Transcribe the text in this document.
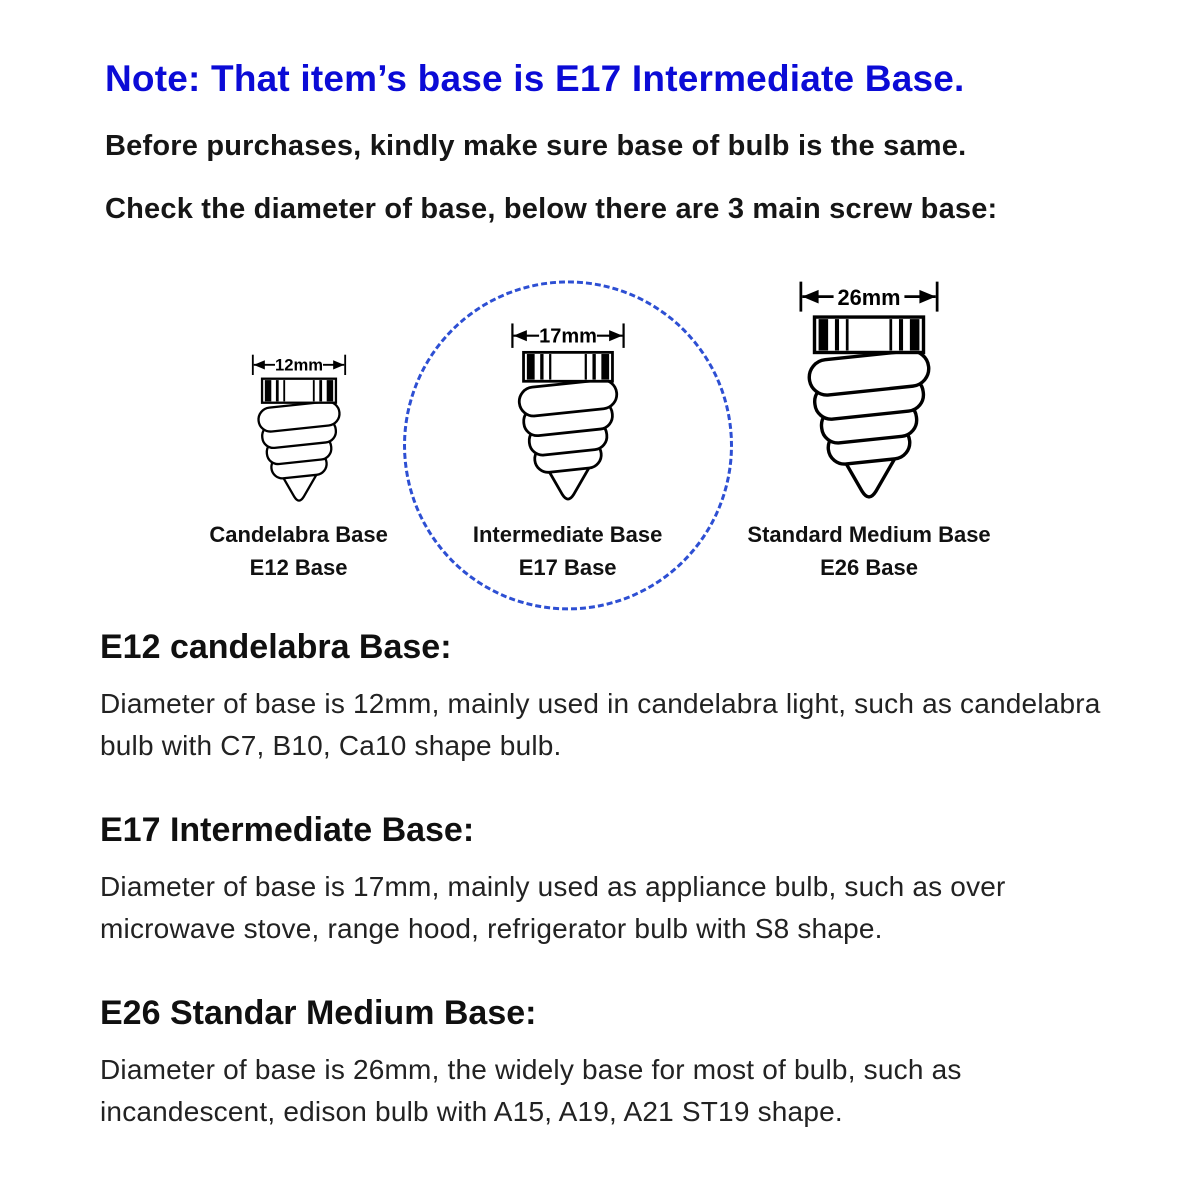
Note: That item’s base is E17 Intermediate Base.
Before purchases, kindly make sure base of bulb is the same.
Check the diameter of base, below there are 3 main screw base:
12mm
Candelabra Base
E12 Base
17mm
Intermediate Base
E17 Base
26mm
Standard Medium Base
E26 Base
E12 candelabra Base:

Diameter of base is 12mm, mainly used in candelabra light, such as candelabra bulb with C7, B10, Ca10 shape bulb.

E17 Intermediate Base:

Diameter of base is 17mm, mainly used as appliance bulb, such as over microwave stove, range hood, refrigerator bulb with S8 shape.

E26 Standar Medium Base:

Diameter of base is 26mm, the widely base for most of bulb, such as incandescent, edison bulb with A15, A19, A21 ST19 shape.
